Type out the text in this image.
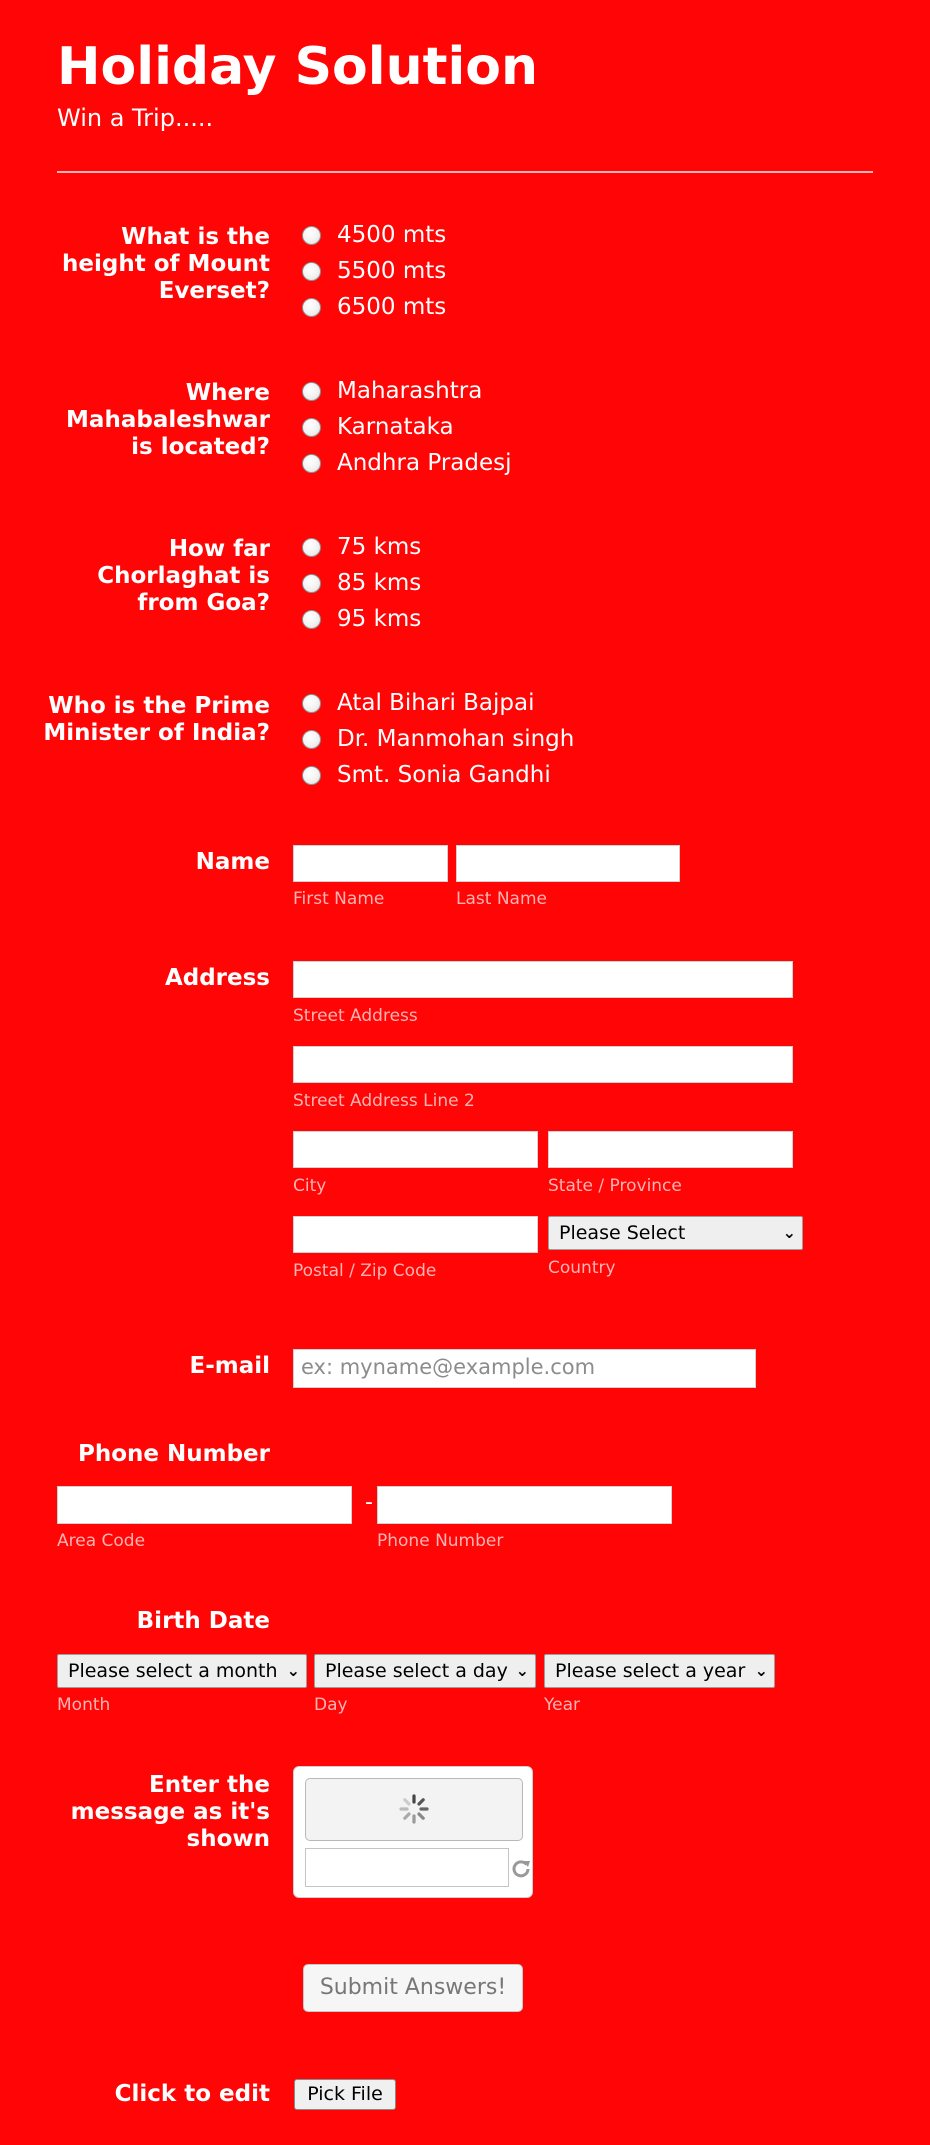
Holiday Solution
Win a Trip.....
What is the height of Mount Everset?
4500 mts
5500 mts
6500 mts
Where Mahabaleshwar is located?
Maharashtra
Karnataka
Andhra Pradesj
How far Chorlaghat is from Goa?
75 kms
85 kms
95 kms
Who is the Prime Minister of India?
Atal Bihari Bajpai
Dr. Manmohan singh
Smt. Sonia Gandhi
Name
First Name	Last Name
Address
Street Address
Street Address Line 2
City	State / Province
Please Select	⌄
Postal / Zip Code	Country
E-mail	ex: myname@example.com
Phone Number
-
Area Code	Phone Number
Birth Date
Please select a month ⌄	Please select a day ⌄	Please select a year ⌄
Month	Day	Year
Enter the message as it's shown
Submit Answers!
Click to edit	Pick File
